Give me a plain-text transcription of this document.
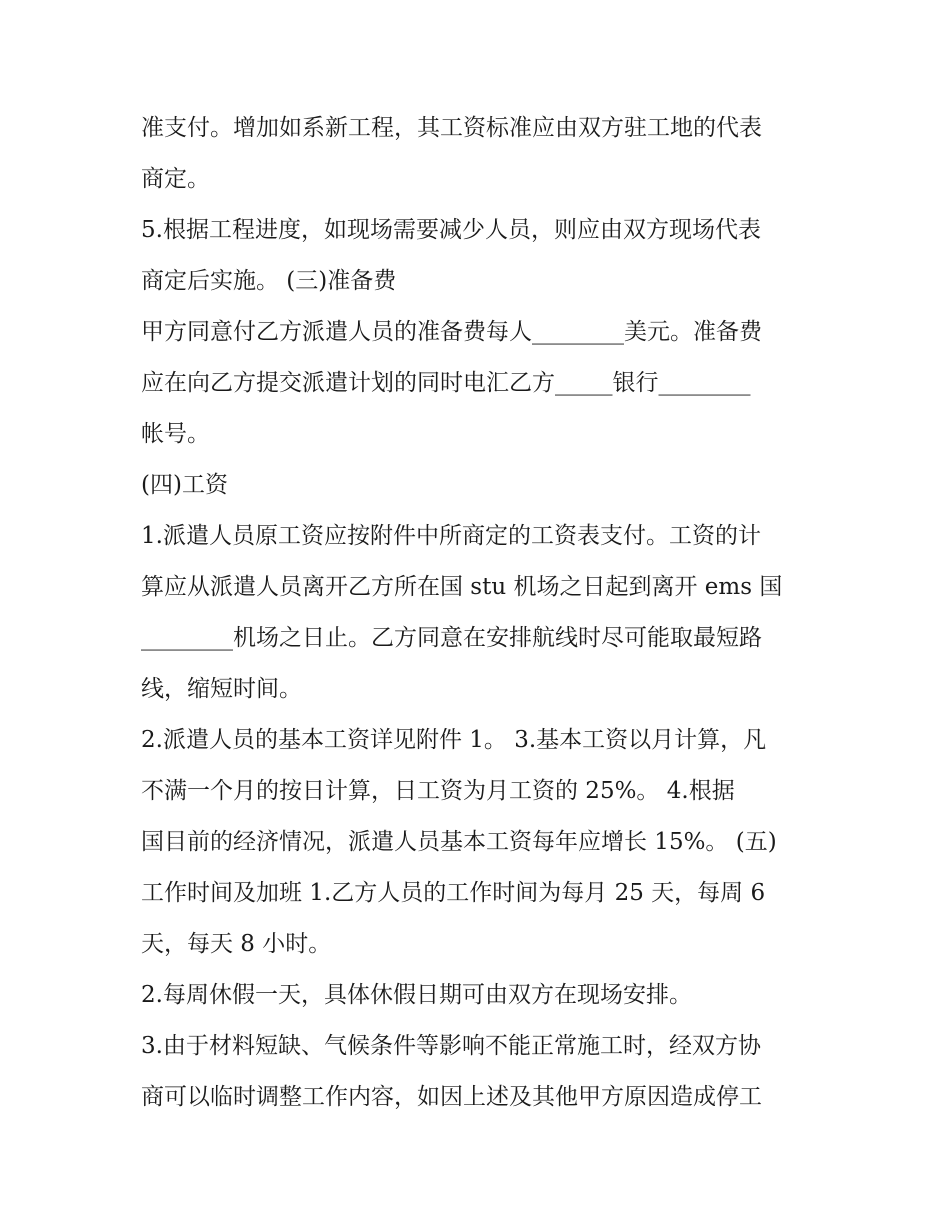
准支付。增加如系新工程，其工资标准应由双方驻工地的代表
商定。
5.根据工程进度，如现场需要减少人员，则应由双方现场代表
商定后实施。 (三)准备费
甲方同意付乙方派遣人员的准备费每人________美元。准备费
应在向乙方提交派遣计划的同时电汇乙方_____银行________
帐号。
(四)工资
1.派遣人员原工资应按附件中所商定的工资表支付。工资的计
算应从派遣人员离开乙方所在国 stu 机场之日起到离开 ems 国
________机场之日止。乙方同意在安排航线时尽可能取最短路
线，缩短时间。
2.派遣人员的基本工资详见附件 1。 3.基本工资以月计算，凡
不满一个月的按日计算，日工资为月工资的 25%。 4.根据
国目前的经济情况，派遣人员基本工资每年应增长 15%。 (五)
工作时间及加班 1.乙方人员的工作时间为每月 25 天，每周 6
天，每天 8 小时。
2.每周休假一天，具体休假日期可由双方在现场安排。
3.由于材料短缺、气候条件等影响不能正常施工时，经双方协
商可以临时调整工作内容，如因上述及其他甲方原因造成停工
